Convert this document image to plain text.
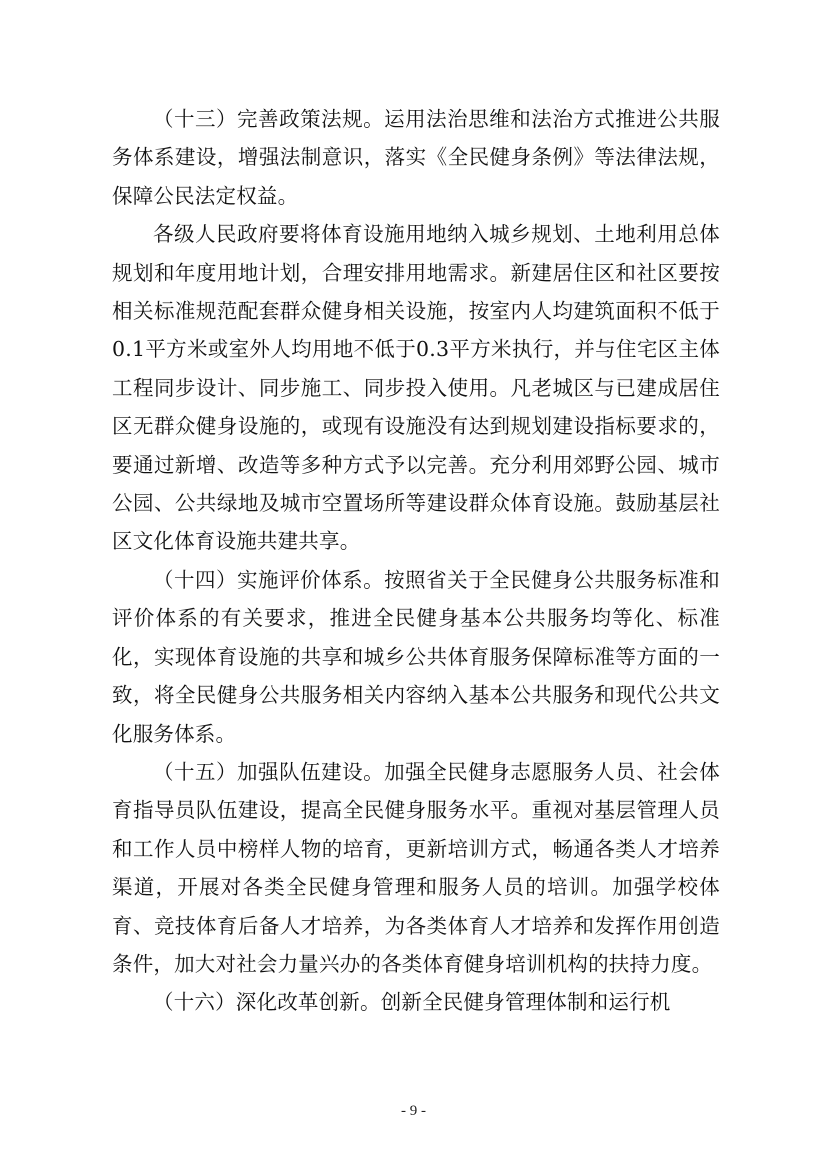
（十三）完善政策法规。运用法治思维和法治方式推进公共服务体系建设，增强法制意识，落实《全民健身条例》等法律法规，保障公民法定权益。

各级人民政府要将体育设施用地纳入城乡规划、土地利用总体规划和年度用地计划，合理安排用地需求。新建居住区和社区要按相关标准规范配套群众健身相关设施，按室内人均建筑面积不低于0.1平方米或室外人均用地不低于0.3平方米执行，并与住宅区主体工程同步设计、同步施工、同步投入使用。凡老城区与已建成居住区无群众健身设施的，或现有设施没有达到规划建设指标要求的，要通过新增、改造等多种方式予以完善。充分利用郊野公园、城市公园、公共绿地及城市空置场所等建设群众体育设施。鼓励基层社区文化体育设施共建共享。

（十四）实施评价体系。按照省关于全民健身公共服务标准和评价体系的有关要求，推进全民健身基本公共服务均等化、标准化，实现体育设施的共享和城乡公共体育服务保障标准等方面的一致，将全民健身公共服务相关内容纳入基本公共服务和现代公共文化服务体系。

（十五）加强队伍建设。加强全民健身志愿服务人员、社会体育指导员队伍建设，提高全民健身服务水平。重视对基层管理人员和工作人员中榜样人物的培育，更新培训方式，畅通各类人才培养渠道，开展对各类全民健身管理和服务人员的培训。加强学校体育、竞技体育后备人才培养，为各类体育人才培养和发挥作用创造条件，加大对社会力量兴办的各类体育健身培训机构的扶持力度。

（十六）深化改革创新。创新全民健身管理体制和运行机

- 9 -
